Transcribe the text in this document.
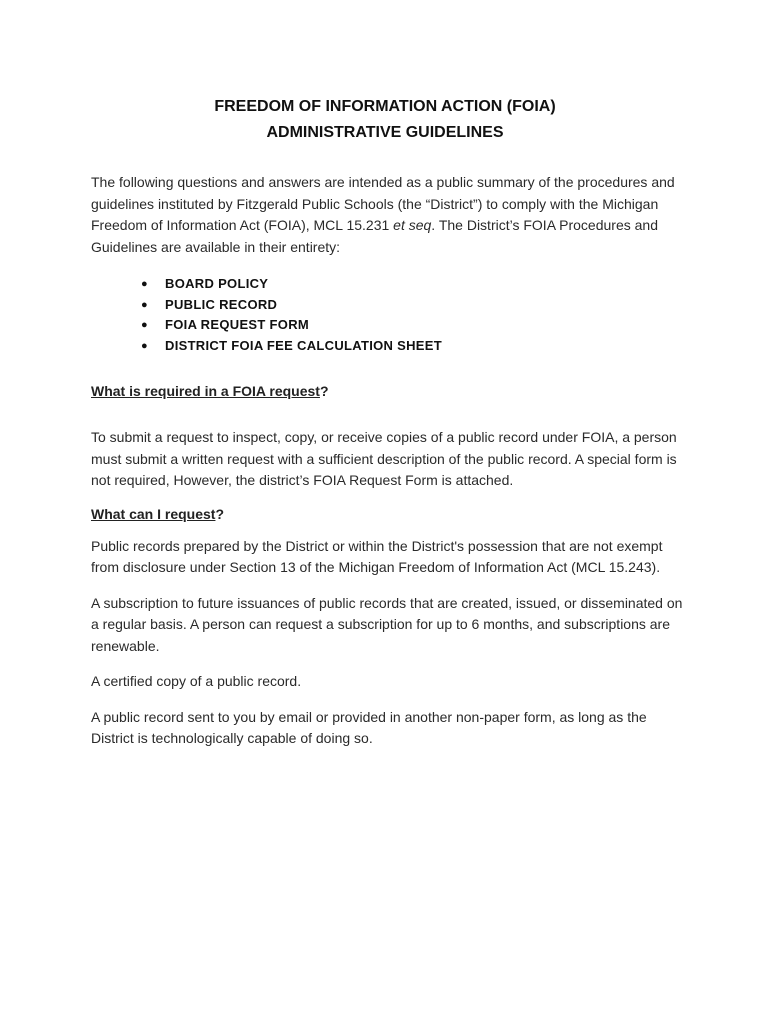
FREEDOM OF INFORMATION ACTION (FOIA)

ADMINISTRATIVE GUIDELINES

The following questions and answers are intended as a public summary of the procedures and guidelines instituted by Fitzgerald Public Schools (the “District”) to comply with the Michigan Freedom of Information Act (FOIA), MCL 15.231 et seq. The District’s FOIA Procedures and Guidelines are available in their entirety:

●	BOARD POLICY
●	PUBLIC RECORD
●	FOIA REQUEST FORM
●	DISTRICT FOIA FEE CALCULATION SHEET

What is required in a FOIA request?

To submit a request to inspect, copy, or receive copies of a public record under FOIA, a person must submit a written request with a sufficient description of the public record. A special form is not required, However, the district’s FOIA Request Form is attached.

What can I request?

Public records prepared by the District or within the District's possession that are not exempt from disclosure under Section 13 of the Michigan Freedom of Information Act (MCL 15.243).

A subscription to future issuances of public records that are created, issued, or disseminated on a regular basis. A person can request a subscription for up to 6 months, and subscriptions are renewable.

A certified copy of a public record.

A public record sent to you by email or provided in another non-paper form, as long as the District is technologically capable of doing so.
